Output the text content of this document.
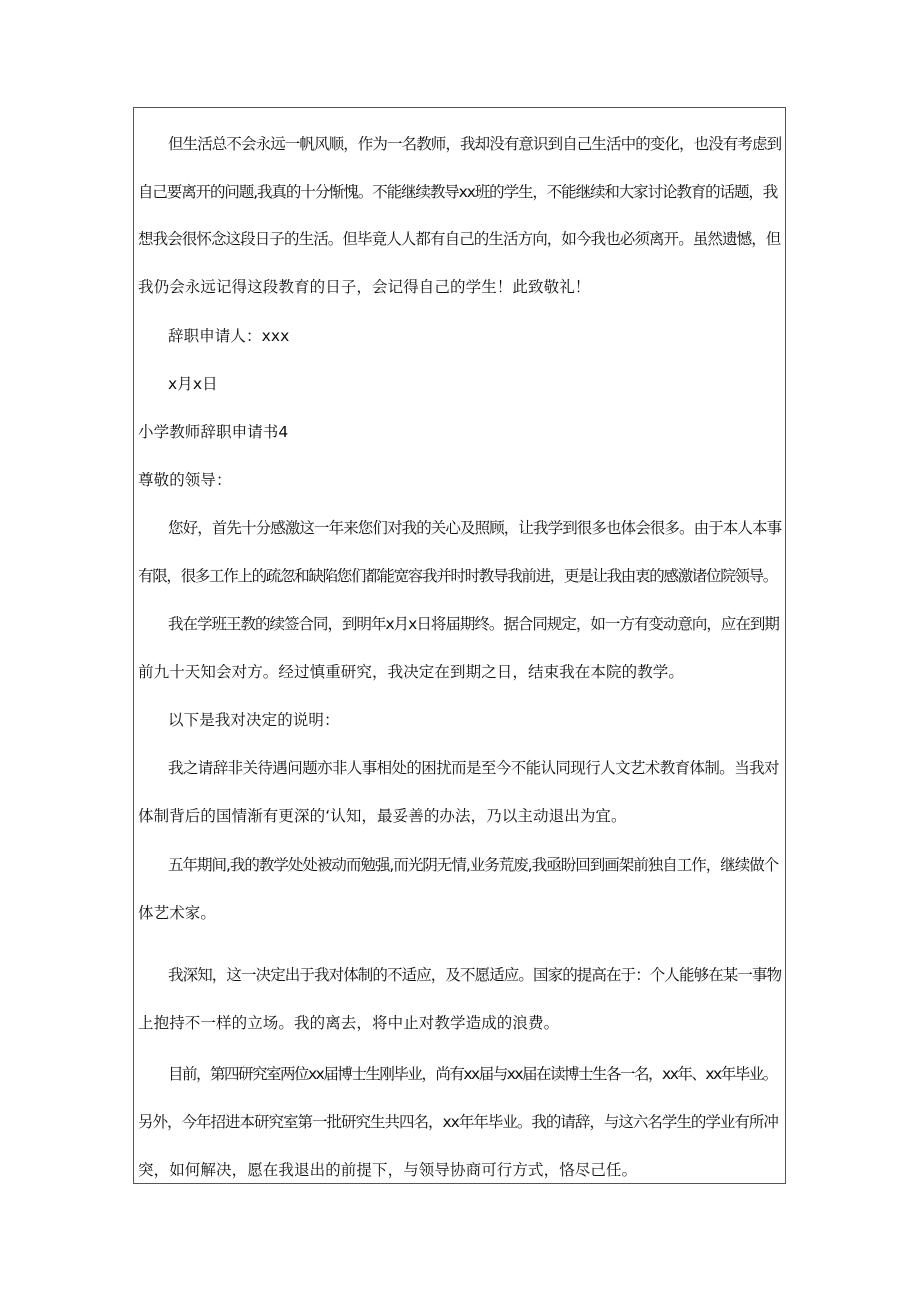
但生活总不会永远一帆风顺，作为一名教师，我却没有意识到自己生活中的变化，也没有考虑到
自己要离开的问题,我真的十分惭愧。不能继续教导xx班的学生，不能继续和大家讨论教育的话题，我
想我会很怀念这段日子的生活。但毕竟人人都有自己的生活方向，如今我也必须离开。虽然遗憾，但
我仍会永远记得这段教育的日子，会记得自己的学生！此致敬礼！
辞职申请人：xxx
x月x日
小学教师辞职申请书4
尊敬的领导：
您好，首先十分感激这一年来您们对我的关心及照顾，让我学到很多也体会很多。由于本人本事
有限，很多工作上的疏忽和缺陷您们都能宽容我并时时教导我前进，更是让我由衷的感激诸位院领导。
我在学班王教的续签合同，到明年x月x日将届期终。据合同规定，如一方有变动意向，应在到期
前九十天知会对方。经过慎重研究，我决定在到期之日，结束我在本院的教学。
以下是我对决定的说明：
我之请辞非关待遇问题亦非人事相处的困扰而是至今不能认同现行人文艺术教育体制。当我对
体制背后的国情渐有更深的‘认知，最妥善的办法，乃以主动退出为宜。
五年期间,我的教学处处被动而勉强,而光阴无情,业务荒废,我亟盼回到画架前独自工作，继续做个
体艺术家。
我深知，这一决定出于我对体制的不适应，及不愿适应。国家的提高在于：个人能够在某一事物
上抱持不一样的立场。我的离去，将中止对教学造成的浪费。
目前，第四研究室两位xx届博士生刚毕业，尚有xx届与xx届在读博士生各一名，xx年、xx年毕业。
另外，今年招进本研究室第一批研究生共四名，xx年年毕业。我的请辞，与这六名学生的学业有所冲
突，如何解决，愿在我退出的前提下，与领导协商可行方式，恪尽己任。
